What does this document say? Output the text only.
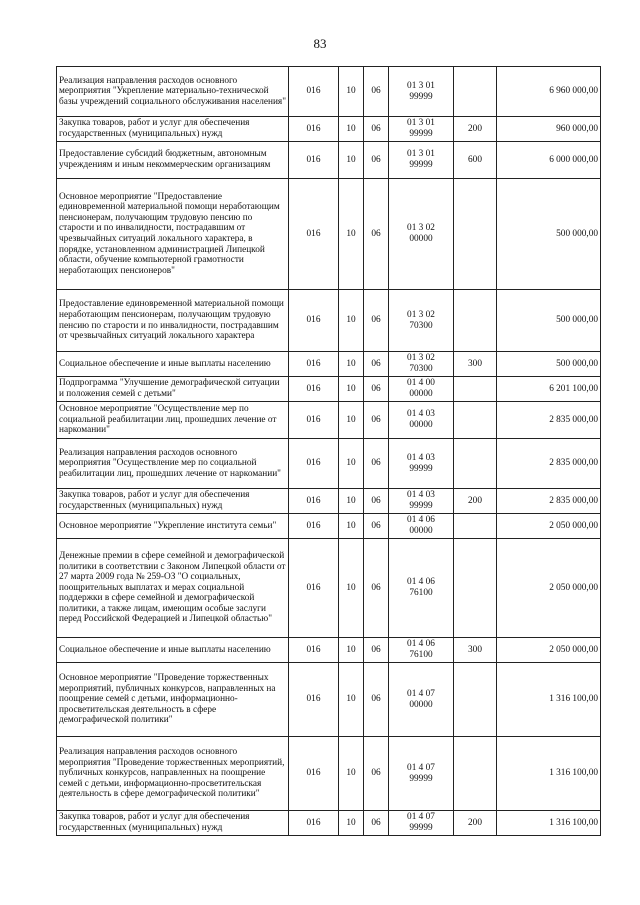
83
Реализация направления расходов основного мероприятия "Укрепление материально-технической базы учреждений социального обслуживания населения"	016	10	06	01 3 01
99999		6 960 000,00
Закупка товаров, работ и услуг для обеспечения государственных (муниципальных) нужд	016	10	06	01 3 01
99999	200	960 000,00
Предоставление субсидий бюджетным, автономным учреждениям и иным некоммерческим организациям	016	10	06	01 3 01
99999	600	6 000 000,00
Основное мероприятие "Предоставление единовременной материальной помощи неработающим пенсионерам, получающим трудовую пенсию по старости и по инвалидности, пострадавшим от чрезвычайных ситуаций локального характера, в порядке, установленном администрацией Липецкой области, обучение компьютерной грамотности неработающих пенсионеров"	016	10	06	01 3 02
00000		500 000,00
Предоставление единовременной материальной помощи неработающим пенсионерам, получающим трудовую пенсию по старости и по инвалидности, пострадавшим от чрезвычайных ситуаций локального характера	016	10	06	01 3 02
70300		500 000,00
Социальное обеспечение и иные выплаты населению	016	10	06	01 3 02
70300	300	500 000,00
Подпрограмма "Улучшение демографической ситуации и положения семей с детьми"	016	10	06	01 4 00
00000		6 201 100,00
Основное мероприятие "Осуществление мер по социальной реабилитации лиц, прошедших лечение от наркомании"	016	10	06	01 4 03
00000		2 835 000,00
Реализация направления расходов основного мероприятия "Осуществление мер по социальной реабилитации лиц, прошедших лечение от наркомании"	016	10	06	01 4 03
99999		2 835 000,00
Закупка товаров, работ и услуг для обеспечения государственных (муниципальных) нужд	016	10	06	01 4 03
99999	200	2 835 000,00
Основное мероприятие "Укрепление института семьи"	016	10	06	01 4 06
00000		2 050 000,00
Денежные премии в сфере семейной и демографической политики в соответствии с Законом Липецкой области от 27 марта 2009 года № 259-ОЗ "О социальных, поощрительных выплатах и мерах социальной поддержки в сфере семейной и демографической политики, а также лицам, имеющим особые заслуги перед Российской Федерацией и Липецкой областью"	016	10	06	01 4 06
76100		2 050 000,00
Социальное обеспечение и иные выплаты населению	016	10	06	01 4 06
76100	300	2 050 000,00
Основное мероприятие "Проведение торжественных мероприятий, публичных конкурсов, направленных на поощрение семей с детьми, информационно-просветительская деятельность в сфере демографической политики"	016	10	06	01 4 07
00000		1 316 100,00
Реализация направления расходов основного мероприятия "Проведение торжественных мероприятий, публичных конкурсов, направленных на поощрение семей с детьми, информационно-просветительская деятельность в сфере демографической политики"	016	10	06	01 4 07
99999		1 316 100,00
Закупка товаров, работ и услуг для обеспечения государственных (муниципальных) нужд	016	10	06	01 4 07
99999	200	1 316 100,00
